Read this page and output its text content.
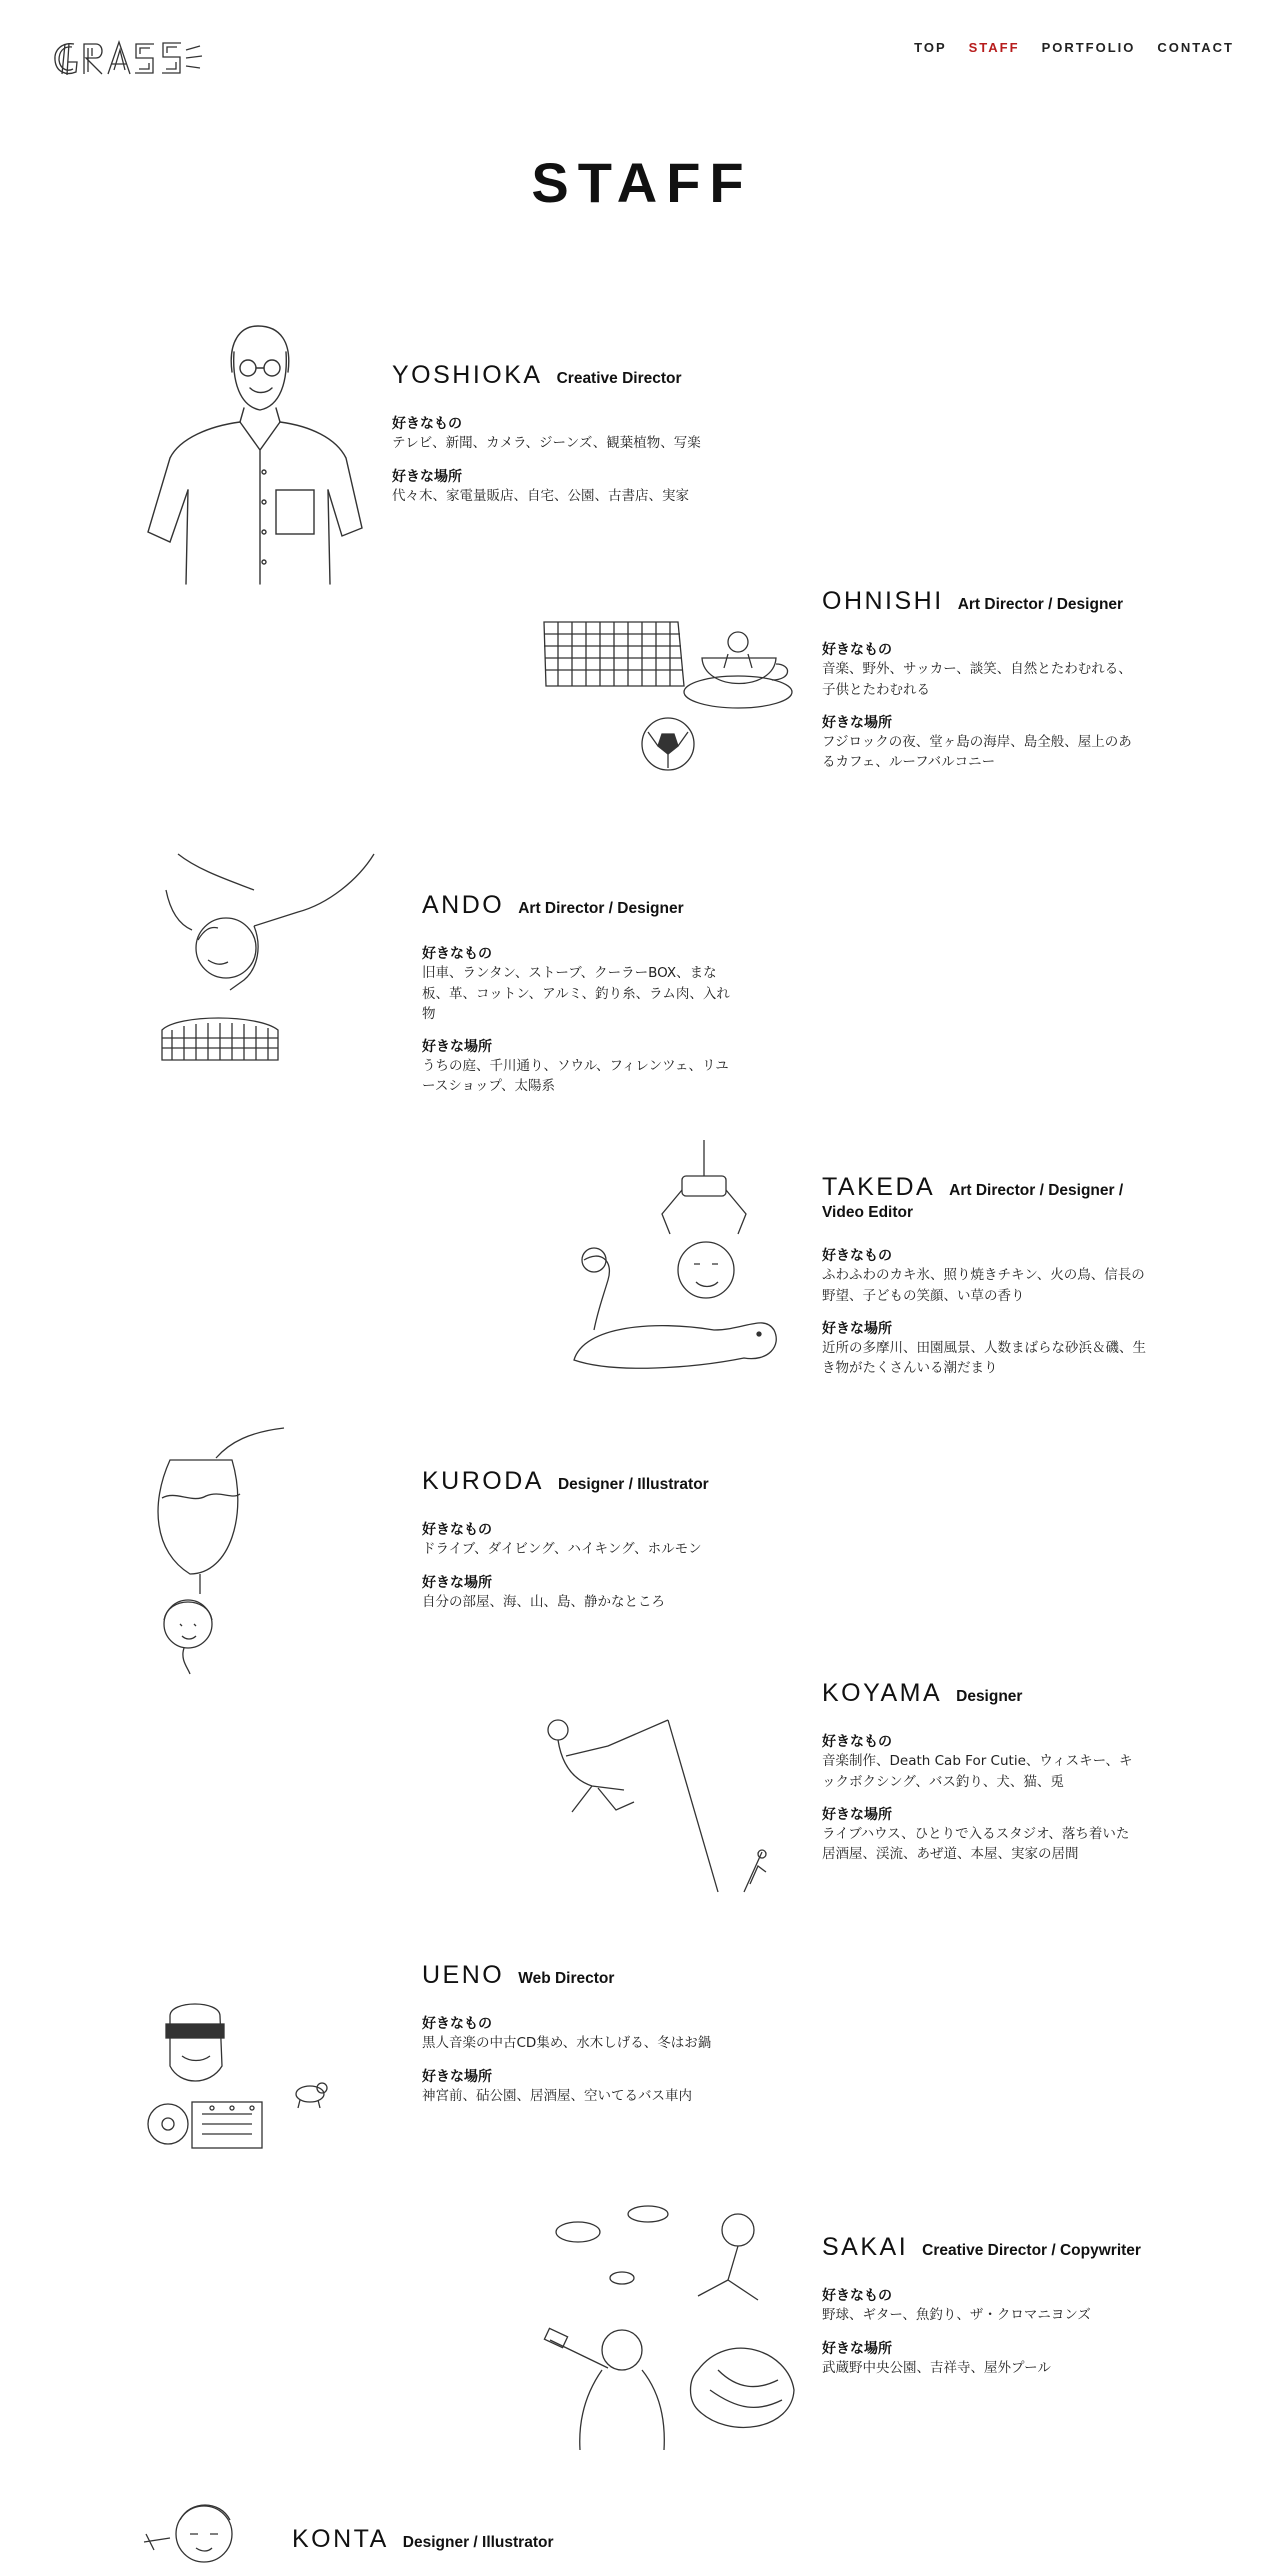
TOP STAFF PORTFOLIO CONTACT
STAFF
YOSHIOKA Creative Director
好きなもの
テレビ、新聞、カメラ、ジーンズ、観葉植物、写楽
好きな場所
代々木、家電量販店、自宅、公園、古書店、実家
OHNISHI Art Director / Designer
好きなもの
音楽、野外、サッカー、談笑、自然とたわむれる、子供とたわむれる
好きな場所
フジロックの夜、堂ヶ島の海岸、島全般、屋上のあるカフェ、ルーフバルコニー
ANDO Art Director / Designer
好きなもの
旧車、ランタン、ストーブ、クーラーBOX、まな板、革、コットン、アルミ、釣り糸、ラム肉、入れ物
好きな場所
うちの庭、千川通り、ソウル、フィレンツェ、リユースショップ、太陽系
TAKEDA Art Director / Designer / Video Editor
好きなもの
ふわふわのカキ氷、照り焼きチキン、火の鳥、信長の野望、子どもの笑顔、い草の香り
好きな場所
近所の多摩川、田園風景、人数まばらな砂浜＆磯、生き物がたくさんいる潮だまり
KURODA Designer / Illustrator
好きなもの
ドライブ、ダイビング、ハイキング、ホルモン
好きな場所
自分の部屋、海、山、島、静かなところ
KOYAMA Designer
好きなもの
音楽制作、Death Cab For Cutie、ウィスキー、キックボクシング、バス釣り、犬、猫、兎
好きな場所
ライブハウス、ひとりで入るスタジオ、落ち着いた居酒屋、渓流、あぜ道、本屋、実家の居間
UENO Web Director
好きなもの
黒人音楽の中古CD集め、水木しげる、冬はお鍋
好きな場所
神宮前、砧公園、居酒屋、空いてるバス車内
SAKAI Creative Director / Copywriter
好きなもの
野球、ギター、魚釣り、ザ・クロマニヨンズ
好きな場所
武蔵野中央公園、吉祥寺、屋外プール
KONTA Designer / Illustrator
